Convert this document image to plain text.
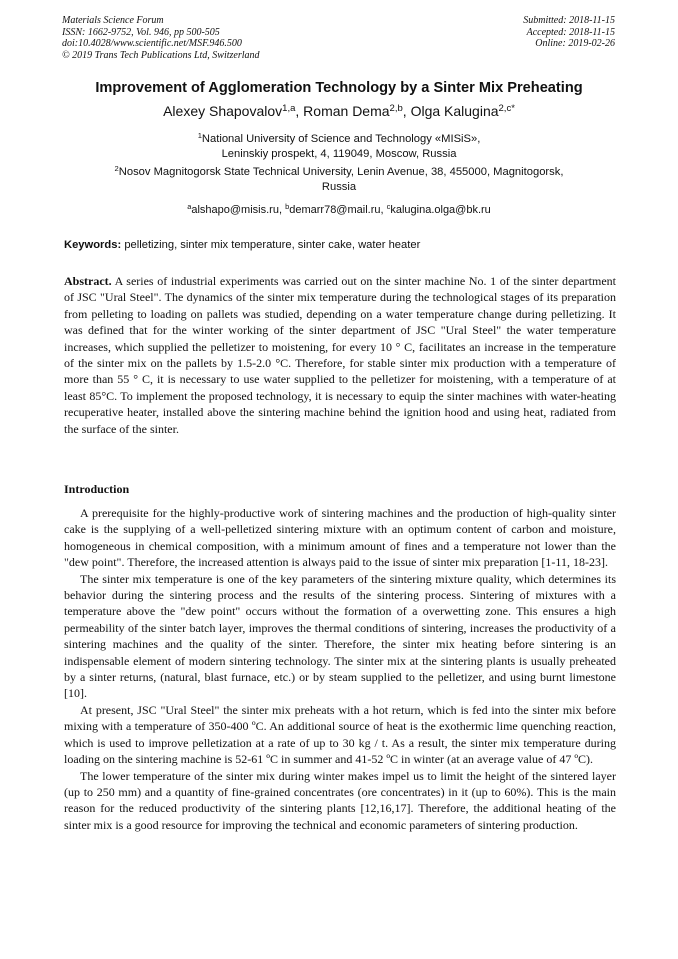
Materials Science Forum
ISSN: 1662-9752, Vol. 946, pp 500-505
doi:10.4028/www.scientific.net/MSF.946.500
© 2019 Trans Tech Publications Ltd, Switzerland
Submitted: 2018-11-15
Accepted: 2018-11-15
Online: 2019-02-26
Improvement of Agglomeration Technology by a Sinter Mix Preheating
Alexey Shapovalov$^{1,a}$, Roman Dema$^{2,b}$, Olga Kalugina$^{2,c*}$
$^1$National University of Science and Technology «MISiS»,
Leninskiy prospekt, 4, 119049, Moscow, Russia
$^2$Nosov Magnitogorsk State Technical University, Lenin Avenue, 38, 455000, Magnitogorsk,
Russia
$^a$alshapo@misis.ru, $^b$demarr78@mail.ru, $^c$kalugina.olga@bk.ru
Keywords: pelletizing, sinter mix temperature, sinter cake, water heater
Abstract. A series of industrial experiments was carried out on the sinter machine No. 1 of the sinter department of JSC "Ural Steel". The dynamics of the sinter mix temperature during the technological stages of its preparation from pelleting to loading on pallets was studied, depending on a water temperature change during pelletizing. It was defined that for the winter working of the sinter department of JSC "Ural Steel" the water temperature increases, which supplied the pelletizer to moistening, for every 10 ° C, facilitates an increase in the temperature of the sinter mix on the pallets by 1.5-2.0 °C. Therefore, for stable sinter mix production with a temperature of more than 55 ° C, it is necessary to use water supplied to the pelletizer for moistening, with a temperature of at least 85°C. To implement the proposed technology, it is necessary to equip the sinter machines with water-heating recuperative heater, installed above the sintering machine behind the ignition hood and using heat, radiated from the surface of the sinter.
Introduction

A prerequisite for the highly-productive work of sintering machines and the production of high-quality sinter cake is the supplying of a well-pelletized sintering mixture with an optimum content of carbon and moisture, homogeneous in chemical composition, with a minimum amount of fines and a temperature not lower than the "dew point". Therefore, the increased attention is always paid to the issue of sinter mix preparation [1-11, 18-23].

The sinter mix temperature is one of the key parameters of the sintering mixture quality, which determines its behavior during the sintering process and the results of the sintering process. Sintering of mixtures with a temperature above the "dew point" occurs without the formation of a overwetting zone. This ensures a high permeability of the sinter batch layer, improves the thermal conditions of sintering, increases the productivity of a sintering machines and the quality of the sinter. Therefore, the sinter mix heating before sintering is an indispensable element of modern sintering technology. The sinter mix at the sintering plants is usually preheated by a sinter returns, (natural, blast furnace, etc.) or by steam supplied to the pelletizer, and using burnt limestone [10].

At present, JSC "Ural Steel" the sinter mix preheats with a hot return, which is fed into the sinter mix before mixing with a temperature of 350-400 ºC. An additional source of heat is the exothermic lime quenching reaction, which is used to improve pelletization at a rate of up to 30 kg / t. As a result, the sinter mix temperature during loading on the sintering machine is 52-61 ºC in summer and 41-52 ºC in winter (at an average value of 47 ºC).

The lower temperature of the sinter mix during winter makes impel us to limit the height of the sintered layer (up to 250 mm) and a quantity of fine-grained concentrates (ore concentrates) in it (up to 60%). This is the main reason for the reduced productivity of the sintering plants [12,16,17]. Therefore, the additional heating of the sinter mix is a good resource for improving the technical and economic parameters of sintering production.
